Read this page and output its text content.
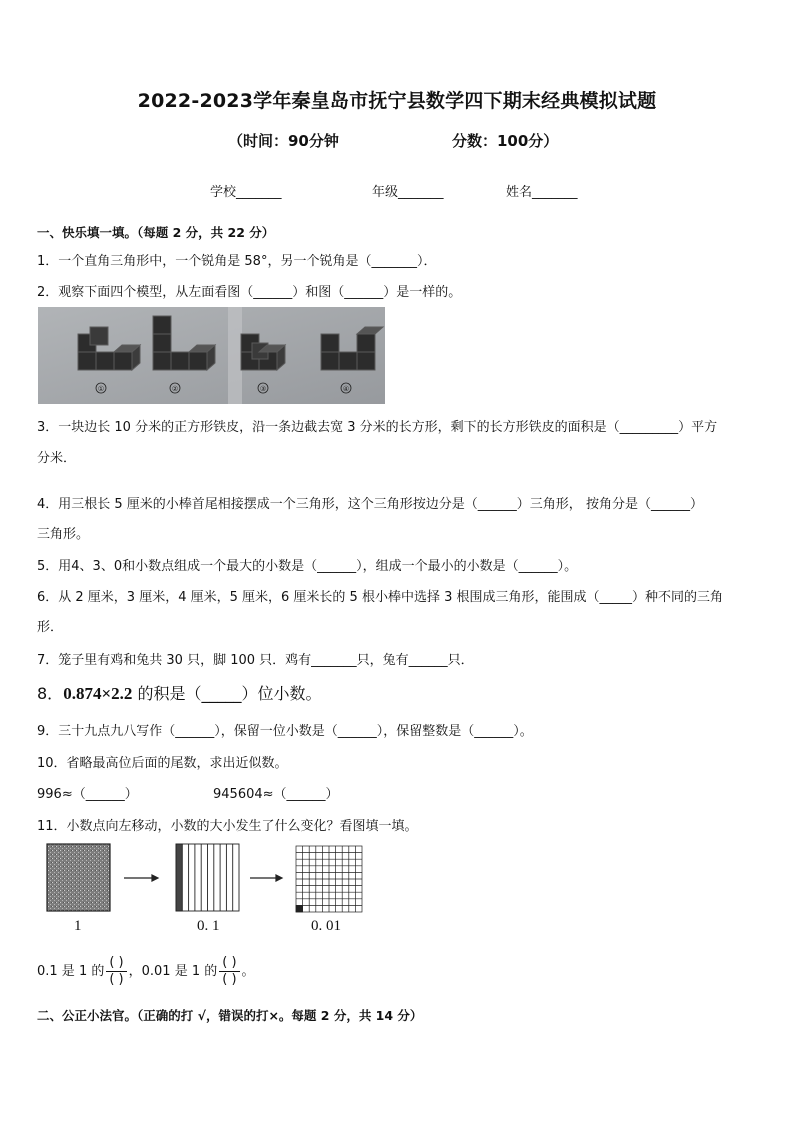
2022-2023学年秦皇岛市抚宁县数学四下期末经典模拟试题
（时间：90分钟	分数：100分）
学校_______	年级_______	姓名_______
一、快乐填一填。（每题 2 分，共 22 分）
1．一个直角三角形中，一个锐角是 58°，另一个锐角是（_______）．
2．观察下面四个模型，从左面看图（______）和图（______）是一样的。
①	②	③	④
3．一块边长 10 分米的正方形铁皮，沿一条边截去宽 3 分米的长方形，剩下的长方形铁皮的面积是（_________）平方
分米．
4．用三根长 5 厘米的小棒首尾相接摆成一个三角形，这个三角形按边分是（______）三角形， 按角分是（______）
三角形。
5．用4、3、0和小数点组成一个最大的小数是（______），组成一个最小的小数是（______）。
6．从 2 厘米，3 厘米，4 厘米，5 厘米，6 厘米长的 5 根小棒中选择 3 根围成三角形，能围成（_____）种不同的三角
形．
7．笼子里有鸡和兔共 30 只，脚 100 只．鸡有_______只，兔有______只．
8．0.874×2.2 的积是（_____）位小数。
9．三十九点九八写作（______），保留一位小数是（______），保留整数是（______）。
10．省略最高位后面的尾数，求出近似数。
996≈（______）	945604≈（______）
11．小数点向左移动，小数的大小发生了什么变化？看图填一填。
1	0. 1	0. 01
0.1 是 1 的 $\frac{( )}{( )}$ ，0.01 是 1 的 $\frac{( )}{( )}$ 。
二、公正小法官。（正确的打 √，错误的打×。每题 2 分，共 14 分）
